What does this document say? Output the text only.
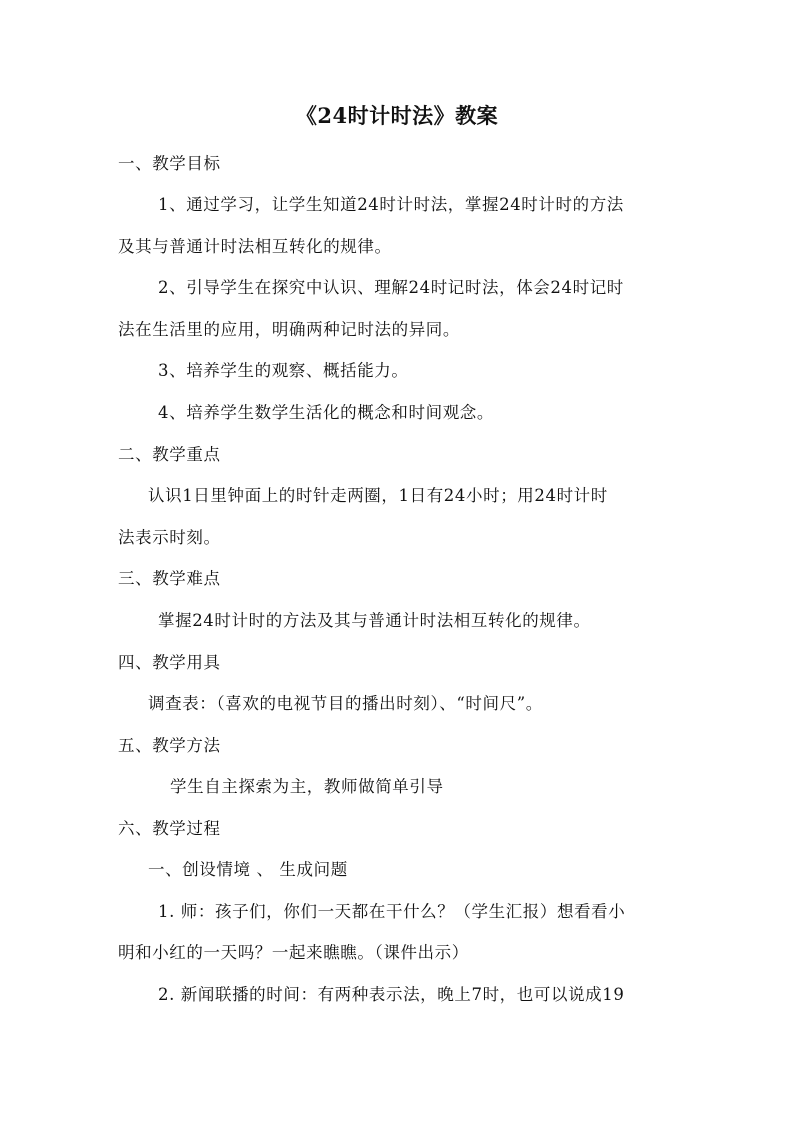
《24时计时法》教案
一、教学目标
1、通过学习，让学生知道24时计时法，掌握24时计时的方法
及其与普通计时法相互转化的规律。
2、引导学生在探究中认识、理解24时记时法，体会24时记时
法在生活里的应用，明确两种记时法的异同。
3、培养学生的观察、概括能力。
4、培养学生数学生活化的概念和时间观念。
二、教学重点
认识1日里钟面上的时针走两圈，1日有24小时；用24时计时
法表示时刻。
三、教学难点
掌握24时计时的方法及其与普通计时法相互转化的规律。
四、教学用具
调查表：（喜欢的电视节目的播出时刻）、“时间尺”。
五、教学方法
学生自主探索为主，教师做简单引导
六、教学过程
一、创设情境 、 生成问题
1. 师：孩子们，你们一天都在干什么？（学生汇报）想看看小
明和小红的一天吗？一起来瞧瞧。（课件出示）
2. 新闻联播的时间：有两种表示法，晚上7时，也可以说成19
